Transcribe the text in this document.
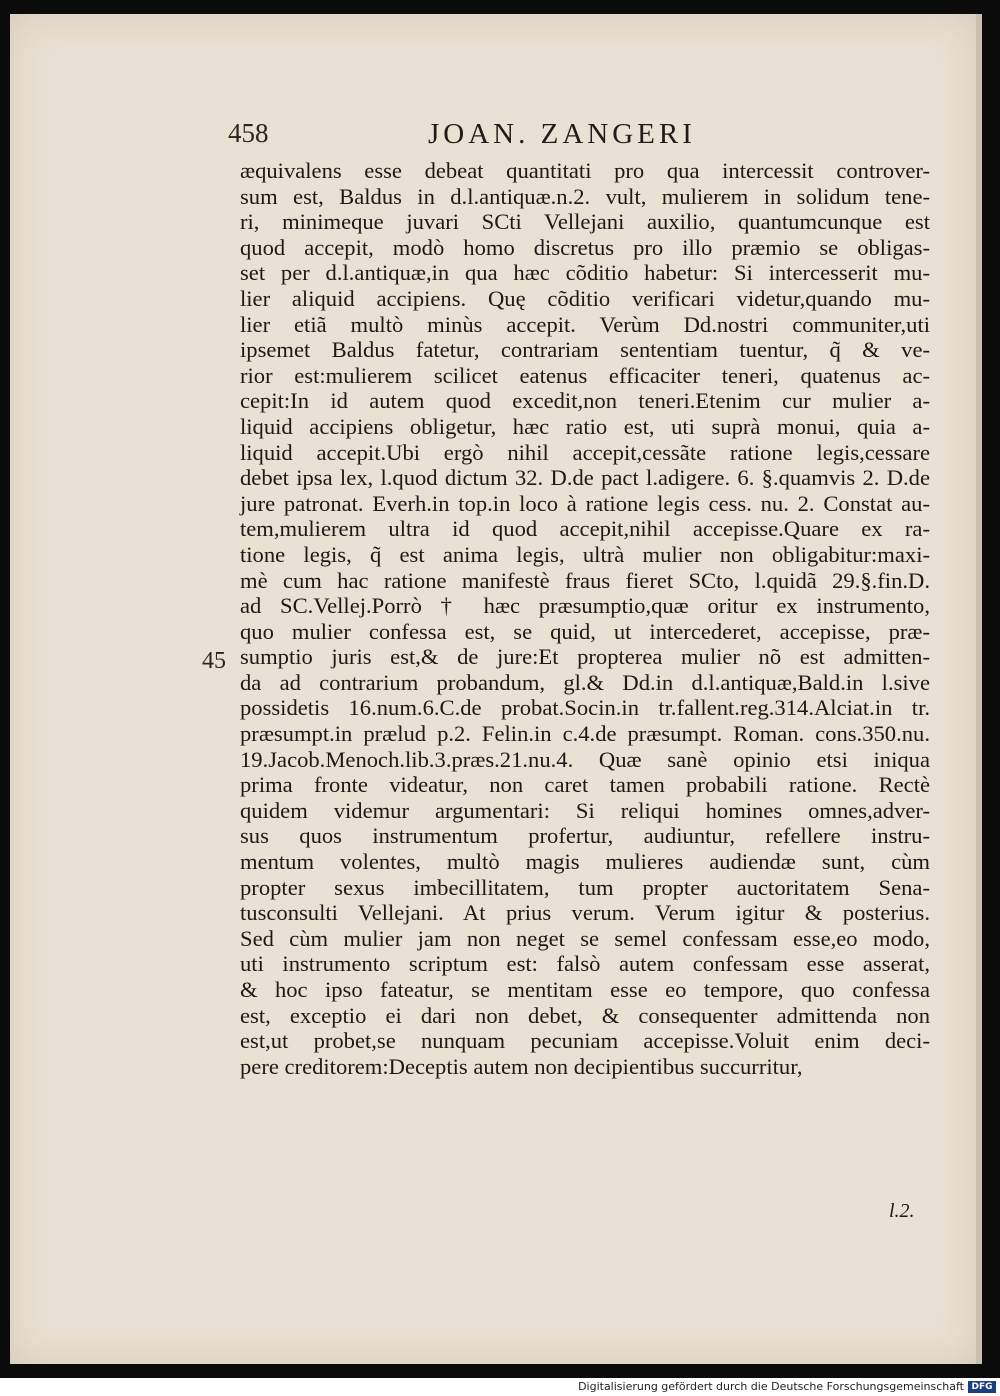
458	JOAN. ZANGERI
45
æquivalens esse debeat quantitati pro qua intercessit controver-
sum est, Baldus in d.l.antiquæ.n.2. vult, mulierem in solidum tene-
ri, minimeque juvari SCti Vellejani auxilio, quantumcunque est
quod accepit, modò homo discretus pro illo præmio se obligas-
set per d.l.antiquæ,in qua hæc cõditio habetur: Si intercesserit mu-
lier aliquid accipiens. Quę cõditio verificari videtur,quando mu-
lier etiã multò minùs accepit. Verùm Dd.nostri communiter,uti
ipsemet Baldus fatetur, contrariam sententiam tuentur, q̃ & ve-
rior est:mulierem scilicet eatenus efficaciter teneri, quatenus ac-
cepit:In id autem quod excedit,non teneri.Etenim cur mulier a-
liquid accipiens obligetur, hæc ratio est, uti suprà monui, quia a-
liquid accepit.Ubi ergò nihil accepit,cessãte ratione legis,cessare
debet ipsa lex, l.quod dictum 32. D.de pact l.adigere. 6. §.quamvis 2. D.de
jure patronat. Everh.in top.in loco à ratione legis cess. nu. 2. Constat au-
tem,mulierem ultra id quod accepit,nihil accepisse.Quare ex ra-
tione legis, q̃ est anima legis, ultrà mulier non obligabitur:maxi-
mè cum hac ratione manifestè fraus fieret SCto, l.quidã 29.§.fin.D.
ad SC.Vellej.Porrò † hæc præsumptio,quæ oritur ex instrumento,
quo mulier confessa est, se quid, ut intercederet, accepisse, præ-
sumptio juris est,& de jure:Et propterea mulier nõ est admitten-
da ad contrarium probandum, gl.& Dd.in d.l.antiquæ,Bald.in l.sive
possidetis 16.num.6.C.de probat.Socin.in tr.fallent.reg.314.Alciat.in tr.
præsumpt.in prælud p.2. Felin.in c.4.de præsumpt. Roman. cons.350.nu.
19.Jacob.Menoch.lib.3.præs.21.nu.4. Quæ sanè opinio etsi iniqua
prima fronte videatur, non caret tamen probabili ratione. Rectè
quidem videmur argumentari: Si reliqui homines omnes,adver-
sus quos instrumentum profertur, audiuntur, refellere instru-
mentum volentes, multò magis mulieres audiendæ sunt, cùm
propter sexus imbecillitatem, tum propter auctoritatem Sena-
tusconsulti Vellejani. At prius verum. Verum igitur & posterius.
Sed cùm mulier jam non neget se semel confessam esse,eo modo,
uti instrumento scriptum est: falsò autem confessam esse asserat,
& hoc ipso fateatur, se mentitam esse eo tempore, quo confessa
est, exceptio ei dari non debet, & consequenter admittenda non
est,ut probet,se nunquam pecuniam accepisse.Voluit enim deci-
pere creditorem:Deceptis autem non decipientibus succurritur,
l.2.
Digitalisierung gefördert durch die Deutsche Forschungsgemeinschaft DFG
